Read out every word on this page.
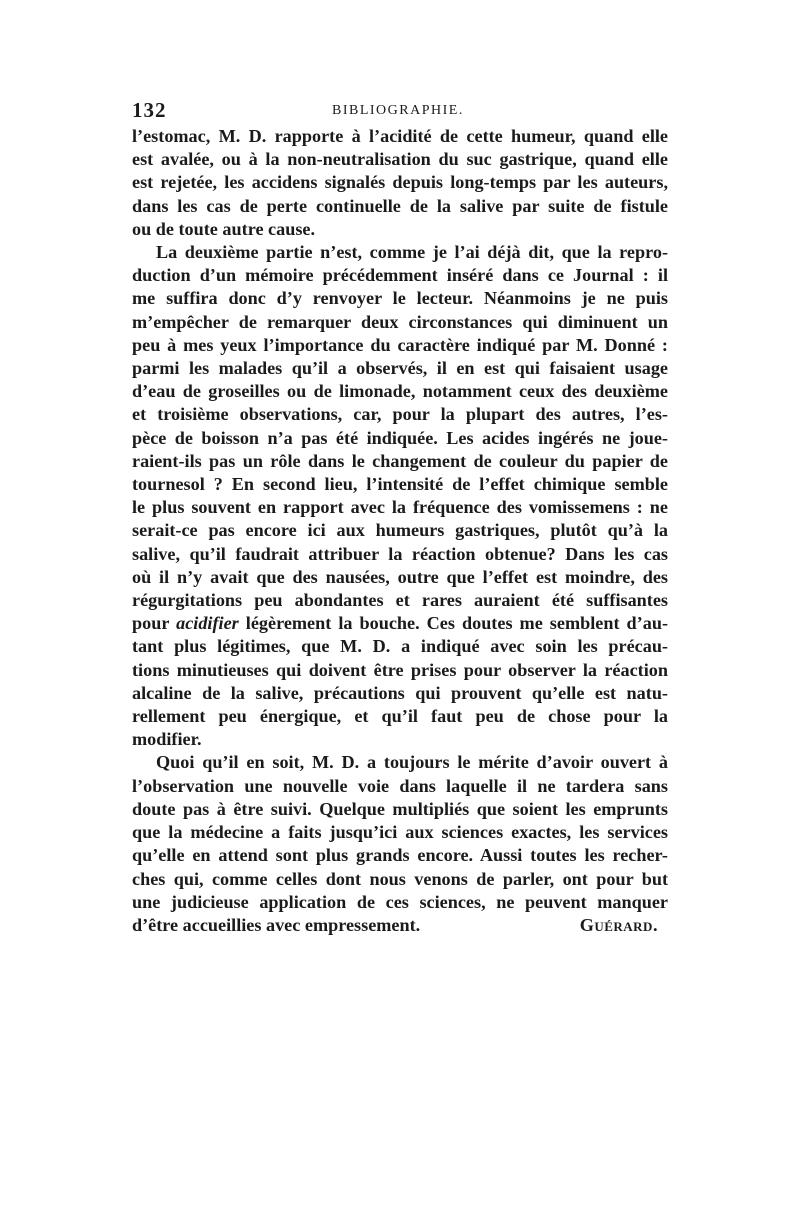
132	BIBLIOGRAPHIE.

l’estomac, M. D. rapporte à l’acidité de cette humeur, quand elle
est avalée, ou à la non-neutralisation du suc gastrique, quand elle
est rejetée, les accidens signalés depuis long-temps par les auteurs,
dans les cas de perte continuelle de la salive par suite de fistule
ou de toute autre cause.

La deuxième partie n’est, comme je l’ai déjà dit, que la repro-
duction d’un mémoire précédemment inséré dans ce Journal : il
me suffira donc d’y renvoyer le lecteur. Néanmoins je ne puis
m’empêcher de remarquer deux circonstances qui diminuent un
peu à mes yeux l’importance du caractère indiqué par M. Donné :
parmi les malades qu’il a observés, il en est qui faisaient usage
d’eau de groseilles ou de limonade, notamment ceux des deuxième
et troisième observations, car, pour la plupart des autres, l’es-
pèce de boisson n’a pas été indiquée. Les acides ingérés ne joue-
raient-ils pas un rôle dans le changement de couleur du papier de
tournesol ? En second lieu, l’intensité de l’effet chimique semble
le plus souvent en rapport avec la fréquence des vomissemens : ne
serait-ce pas encore ici aux humeurs gastriques, plutôt qu’à la
salive, qu’il faudrait attribuer la réaction obtenue? Dans les cas
où il n’y avait que des nausées, outre que l’effet est moindre, des
régurgitations peu abondantes et rares auraient été suffisantes
pour acidifier légèrement la bouche. Ces doutes me semblent d’au-
tant plus légitimes, que M. D. a indiqué avec soin les précau-
tions minutieuses qui doivent être prises pour observer la réaction
alcaline de la salive, précautions qui prouvent qu’elle est natu-
rellement peu énergique, et qu’il faut peu de chose pour la
modifier.

Quoi qu’il en soit, M. D. a toujours le mérite d’avoir ouvert à
l’observation une nouvelle voie dans laquelle il ne tardera sans
doute pas à être suivi. Quelque multipliés que soient les emprunts
que la médecine a faits jusqu’ici aux sciences exactes, les services
qu’elle en attend sont plus grands encore. Aussi toutes les recher-
ches qui, comme celles dont nous venons de parler, ont pour but
une judicieuse application de ces sciences, ne peuvent manquer
d’être accueillies avec empressement.	Guérard.
